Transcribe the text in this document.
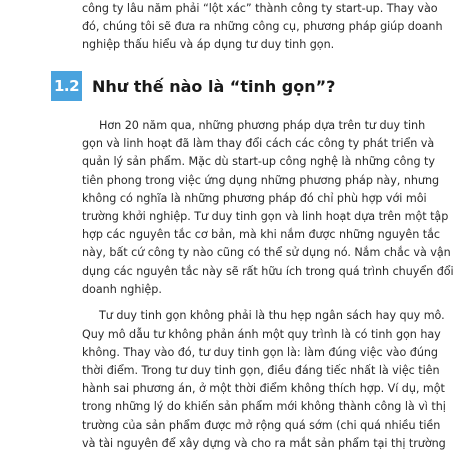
công ty lâu năm phải “lột xác” thành công ty start-up. Thay vào
đó, chúng tôi sẽ đưa ra những công cụ, phương pháp giúp doanh
nghiệp thấu hiểu và áp dụng tư duy tinh gọn.
1.2 Như thế nào là “tinh gọn”?
Hơn 20 năm qua, những phương pháp dựa trên tư duy tinh
gọn và linh hoạt đã làm thay đổi cách các công ty phát triển và
quản lý sản phẩm. Mặc dù start-up công nghệ là những công ty
tiên phong trong việc ứng dụng những phương pháp này, nhưng
không có nghĩa là những phương pháp đó chỉ phù hợp với môi
trường khởi nghiệp. Tư duy tinh gọn và linh hoạt dựa trên một tập
hợp các nguyên tắc cơ bản, mà khi nắm được những nguyên tắc
này, bất cứ công ty nào cũng có thể sử dụng nó. Nắm chắc và vận
dụng các nguyên tắc này sẽ rất hữu ích trong quá trình chuyển đổi
doanh nghiệp.
Tư duy tinh gọn không phải là thu hẹp ngân sách hay quy mô.
Quy mô dẫu tư không phản ánh một quy trình là có tinh gọn hay
không. Thay vào đó, tư duy tinh gọn là: làm đúng việc vào đúng
thời điểm. Trong tư duy tinh gọn, điều đáng tiếc nhất là việc tiên
hành sai phương án, ở một thời điểm không thích hợp. Ví dụ, một
trong những lý do khiến sản phẩm mới không thành công là vì thị
trường của sản phẩm được mở rộng quá sớm (chi quá nhiều tiền
và tài nguyên để xây dựng và cho ra mắt sản phẩm tại thị trường
